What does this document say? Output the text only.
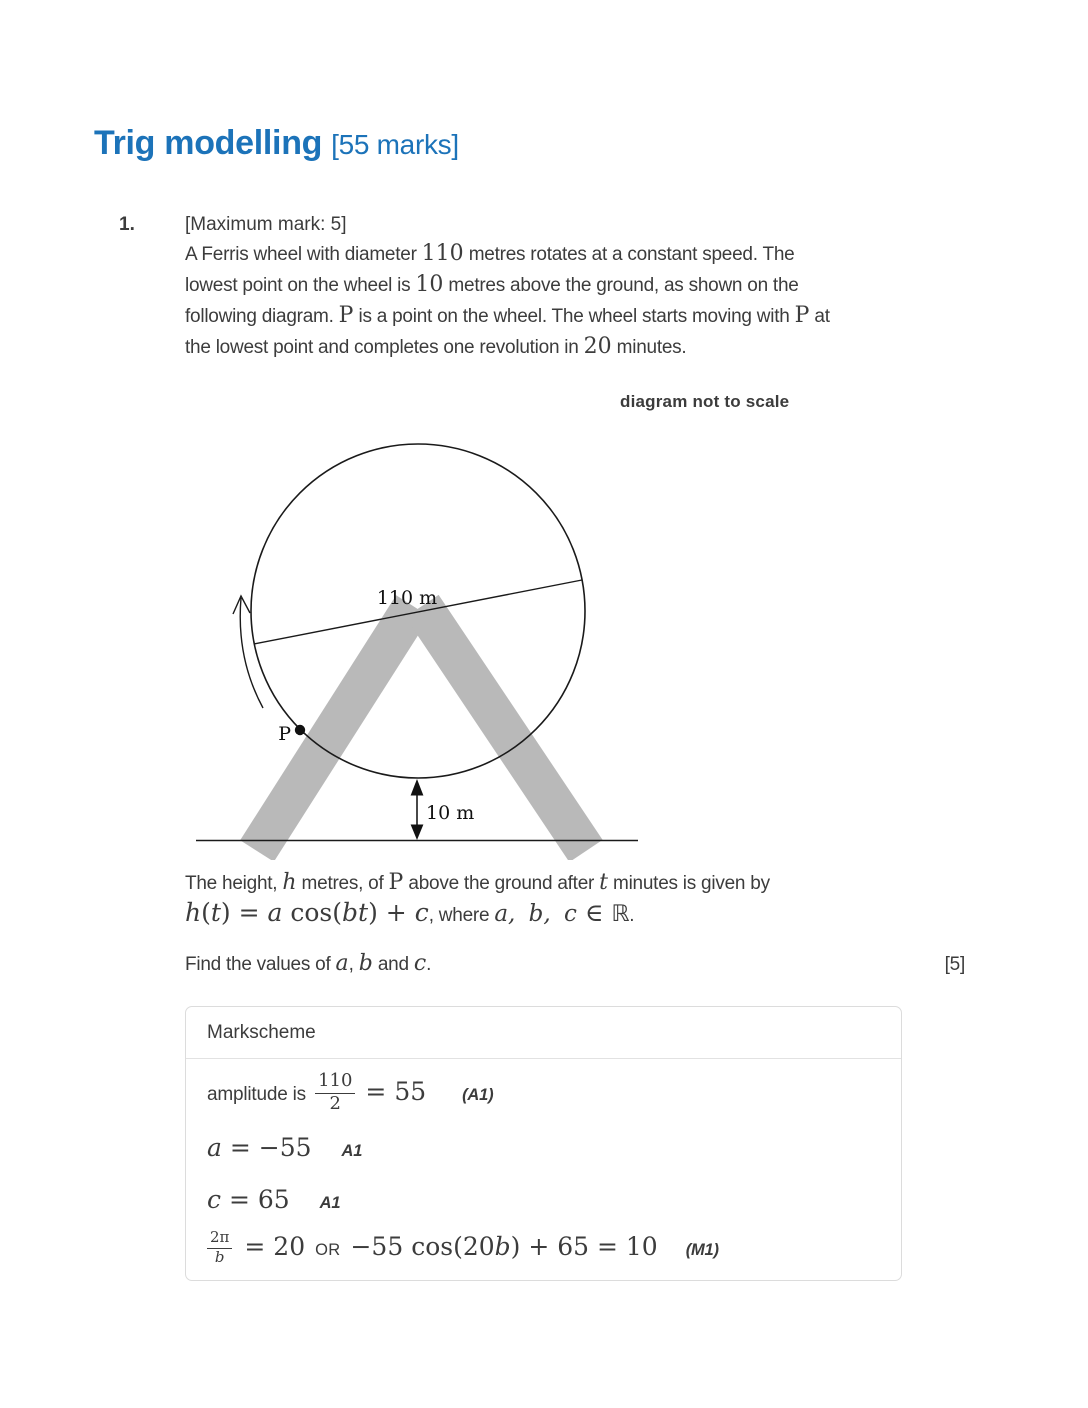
Trig modelling [55 marks]
1.	[Maximum mark: 5]

A Ferris wheel with diameter 110 metres rotates at a constant speed. The lowest point on the wheel is 10 metres above the ground, as shown on the following diagram. P is a point on the wheel. The wheel starts moving with P at the lowest point and completes one revolution in 20 minutes.

diagram not to scale
110 m
P
10 m
The height, h metres, of P above the ground after t minutes is given by
h(t) = a cos(bt) + c, where a, b, c ∈ ℝ.
Find the values of a, b and c.	[5]
Markscheme
amplitude is $\frac{110}{2} = 55$ (A1)
a = −55 A1
c = 65 A1
$\frac{2\pi}{b} = 20$ OR −55 cos(20b) + 65 = 10 (M1)
